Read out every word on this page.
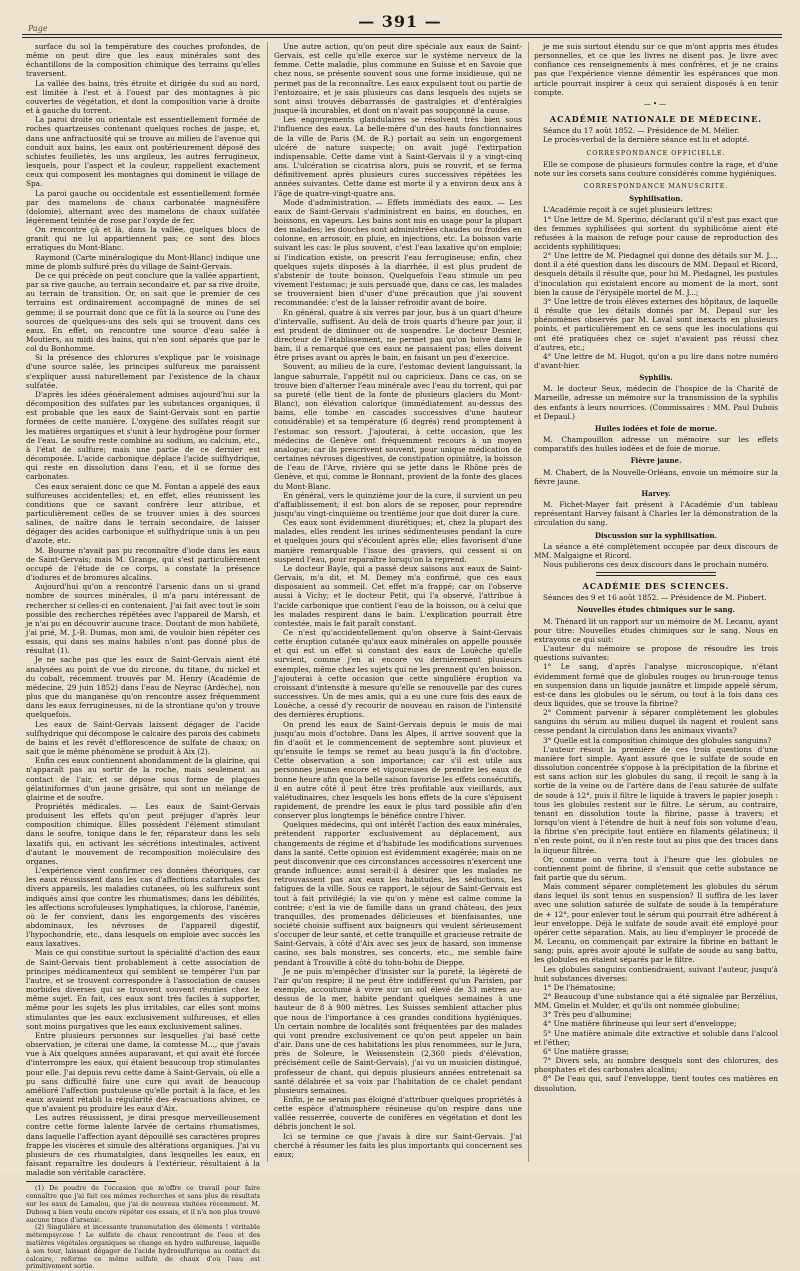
Page	— 391 —

surface du sol la température des couches profondes, de même on peut dire que les eaux minérales sont des échantillons de la composition chimique des terrains qu'elles traversent.

La vallée des bains, très étroite et dirigée du sud au nord, est limitée à l'est et à l'ouest par des montagnes à pic couvertes de végétation, et dont la composition varie à droite et à gauche du torrent.

La paroi droite ou orientale est essentiellement formée de roches quartzeuses contenant quelques roches de jaspe, et, dans une anfractuosité qui se trouve au milieu de l'avenue qui conduit aux bains, les eaux ont postérieurement déposé des schistes feuilletés, les uns argileux, les autres ferrugineux, lesquels, pour l'aspect et la couleur, rappellent exactement ceux qui composent les montagnes qui dominent le village de Spa.

La paroi gauche ou occidentale est essentiellement formée par des mamelons de chaux carbonatée magnésifère (dolomie), alternant avec des mamelons de chaux sulfatée légèrement teintée de rose par l'oxyde de fer.

On rencontre çà et là, dans la vallée, quelques blocs de granit qui ne lui appartiennent pas; ce sont des blocs erratiques du Mont-Blanc.

Raymond (Carte minéralogique du Mont-Blanc) indique une mine de plomb sulfuré près du village de Saint-Gervais.

De ce qui précède on peut conclure que la vallée appartient, par sa rive gauche, au terrain secondaire et, par sa rive droite, au terrain de transition. Or, on sait que le premier de ces terrains est ordinairement accompagné de mines de sel gemme; il se pourrait donc que ce fût là la source ou l'une des sources de quelques-uns des sels qui se trouvent dans ces eaux. En effet, on rencontre une source d'eau salée à Moutiers, au midi des bains, qui n'en sont séparés que par le col du Bonhomme.

Si la présence des chlorures s'explique par le voisinage d'une source salée, les principes sulfureux me paraissent s'expliquer aussi naturellement par l'existence de la chaux sulfatée.

D'après les idées généralement admises aujourd'hui sur la décomposition des sulfates par les substances organiques, il est probable que les eaux de Saint-Gervais sont en partie formées de cette manière. L'oxygène des sulfates réagit sur les matières organiques et s'unit à leur hydrogène pour former de l'eau. Le soufre reste combiné au sodium, au calcium, etc., à l'état de sulfure; mais une partie de ce dernier est décomposée. L'acide carbonique déplace l'acide sulfhydrique, qui reste en dissolution dans l'eau, et il se forme des carbonates.

Ces eaux seraient donc ce que M. Fontan a appelé des eaux sulfureuses accidentelles; et, en effet, elles réunissent les conditions que ce savant confrère leur attribue, et particulièrement celles de se trouver unies à des sources salines, de naître dans le terrain secondaire, de laisser dégager des acides carbonique et sulfhydrique unis à un peu d'azote, etc.

M. Bourne n'avait pas pu reconnaître d'iode dans les eaux de Saint-Gervais; mais M. Grange, qui s'est particulièrement occupé de l'étude de ce corps, a constaté la présence d'iodures et de bromures alcalins.

Aujourd'hui qu'on a rencontré l'arsenic dans un si grand nombre de sources minérales, il m'a paru intéressant de rechercher si celles-ci en contenaient. J'ai fait avec tout le soin possible des recherches répétées avec l'appareil de Marsh, et je n'ai pu en découvrir aucune trace. Doutant de mon habileté, j'ai prié, M. J.-B. Dumas, mon ami, de vouloir bien répéter ces essais, qui dans ses mains habiles n'ont pas donné plus de résultat (1).

Je ne sache pas que les eaux de Saint-Gervais aient été analysées au point de vue du zircone, du titane, du nickel et du cobalt, récemment trouvés par M. Henry (Académie de médecine, 29 juin 1852) dans l'eau de Neyrac (Ardèche), non plus que du manganèse qu'on rencontre assez fréquemment dans les eaux ferrugineuses, ni de la strontiane qu'on y trouve quelquefois.

Les eaux de Saint-Gervais laissent dégager de l'acide sulfhydrique qui décompose le calcaire des parois des cabinets de bains et les revêt d'efflorescence de sulfate de chaux; on sait que le même phénomène se produit à Aix (2).

Enfin ces eaux contiennent abondamment de la glairine, qui n'apparaît pas au sortir de la roche, mais seulement au contact de l'air, et se dépose sous forme de plaques gélatiniformes d'un jaune grisâtre, qui sont un mélange de glairine et de soufre.

Propriétés médicales. — Les eaux de Saint-Gervais produisent les effets qu'on peut préjuger d'après leur composition chimique. Elles possèdent l'élément stimulant dans le soufre, tonique dans le fer, réparateur dans les sels laxatifs qui, en activant les sécrétions intestinales, activent d'autant le mouvement de recomposition moléculaire des organes.

L'expérience vient confirmer ces données théoriques, car les eaux réussissent dans les cas d'affections catarrhales des divers appareils, les maladies cutanées, où les sulfureux sont indiqués ainsi que contre les rhumatismes; dans les débilités, les affections scrofuleuses lymphatiques, la chlorose, l'anémie, où le fer convient, dans les engorgements des viscères abdominaux, les névroses de l'appareil digestif, l'hypochondrie, etc., dans lesquels on emploie avec succès les eaux laxatives.

Mais ce qui constitue surtout la spécialité d'action des eaux de Saint-Gervais tient probablement à cette association de principes médicamenteux qui semblent se tempérer l'un par l'autre, et se trouvent correspondre à l'association de causes morbides diverses qui se trouvent souvent réunies chez le même sujet. En fait, ces eaux sont très faciles à supporter, même pour les sujets les plus irritables, car elles sont moins stimulantes que les eaux exclusivement sulfureuses, et elles sont moins purgatives que les eaux exclusivement salines.

Entre plusieurs personnes sur lesquelles j'ai basé cette observation, je citerai une dame, la comtesse M..., que j'avais vue à Aix quelques années auparavant, et qui avait été forcée d'interrompre les eaux, qui étaient beaucoup trop stimulantes pour elle. J'ai depuis revu cette dame à Saint-Gervais, où elle a pu sans difficulté faire une cure qui avait de beaucoup amélioré l'affection pustuleuse qu'elle portait à la face, et les eaux avaient rétabli la régularité des évacuations alvines, ce que n'avaient pu produire les eaux d'Aix.

Les autres réussissent, je dirai presque merveilleusement contre cette forme lalente larvée de certains rhumatismes, dans laquelle l'affection ayant dépouillé ses caractères propres frappe les viscères et simule des altérations organiques. J'ai vu plusieurs de ces rhumatalgies, dans lesquelles les eaux, en faisant reparaître les douleurs à l'extérieur, résultaient à la maladie son véritable caractère.

(1) De poudre de l'occasion que m'offre ce travail pour faire connaître que j'ai fait ces mêmes recherches et sans plus de résultats sur les eaux de Lamalou, que j'ai de nouveau visitées récemment. M. Dubosq a bien voulu encore répéter ces essais, et il n'a non plus trouvé aucune trace d'arsenic.

(2) Singulière et incessante transmutation des éléments ! véritable métempsycose ! Le sulfate de chaux rencontrant de l'eau et des matières végétales organiques se change en hydro sulfureuse, laquelle à son tour, laissant dégager de l'acide hydrosulfurique au contact du calcaire, reforme ce même sulfate de chaux d'où l'eau est primitivement sortie.

Une autre action, qu'on peut dire spéciale aux eaux de Saint-Gervais, est celle qu'elle exerce sur le système nerveux de la femme. Cette maladie, plus commune en Suisse et en Savoie que chez nous, se présente souvent sous une forme insidieuse, qui ne permet pas de la reconnaître. Les eaux expulsent tout ou partie de l'entozoaire, et je sais plusieurs cas dans lesquels des sujets se sont ainsi trouvés débarrassés de gastralgies et d'entéralgies jusque-là incurables, et dont on n'avait pas soupçonné la cause.

Les engorgements glandulaires se résolvent très bien sous l'influence des eaux. La belle-mère d'un des hauts fonctionnaires de la ville de Paris (M. de R.) portait au sein un engorgement ulcéré de nature suspecte; on avait jugé l'extirpation indispensable. Cette dame vint à Saint-Gervais il y a vingt-cinq ans. L'ulcération se cicatrisa alors, puis se rouvrit, et se ferma définitivement après plusieurs cures successives répétées les années suivantes. Cette dame est morte il y a environ deux ans à l'âge de quatre-vingt-quatre ans.

Mode d'administration. — Effets immédiats des eaux. — Les eaux de Saint-Gervais s'administrent en bains, en douches, en boissons, en vapeurs. Les bains sont mis en usage pour la plupart des malades; les douches sont administrées chaudes ou froides en colonne, en arrosoir, en pluie, en injections, etc. La boisson varie suivant les cas: le plus souvent, c'est l'eau laxative qu'on emploie; si l'indication existe, on prescrit l'eau ferrugineuse; enfin, chez quelques sujets disposés à la diarrhée, il est plus prudent de s'abstenir de toute boisson. Quelquefois l'eau stimule un peu vivement l'estomac; je suis persuadé que, dans ce cas, les malades se trouveraient bien d'user d'une précaution que j'ai souvent recommandée: c'est de la laisser refroidir avant de boire.

En général, quatre à six verres par jour, bus à un quart d'heure d'intervalle, suffisent. Au delà de trois quarts d'heure par jour, il est prudent de diminuer ou de suspendre. Le docteur Desnier, directeur de l'établissement, ne permet pas qu'on boive dans le bain, il a remarqué que ces eaux ne passaient pas; elles doivent être prises avant ou après le bain, en faisant un peu d'exercice.

Souvent, au milieu de la cure, l'estomac devient languissant, la langue saburrale, l'appétit nul ou capricieux. Dans ce cas, on se trouve bien d'alterner l'eau minérale avec l'eau du torrent, qui par sa pureté (elle tient de la fonte de plusieurs glaciers du Mont-Blanc), son élévation calorique (immédiatement au-dessus des bains, elle tombe en cascades successives d'une hauteur considérable) et sa température (6 degrés) rend promptement à l'estomac son ressort. J'ajouterai, à cette occasion, que les médecins de Genève ont fréquemment recours à un moyen analogue; car ils prescrivent souvent, pour unique médication de certaines névroses digestives, de constipation opiniâtre, la boisson de l'eau de l'Arve, rivière qui se jette dans le Rhône près de Genève, et qui, comme le Bonnant, provient de la fonte des glaces du Mont-Blanc.

En général, vers le quinzième jour de la cure, il survient un peu d'affaiblissement; il est bon alors de se reposer, pour reprendre jusqu'au vingt-cinquième ou trentième jour que doit durer la cure.

Ces eaux sont évidemment diurétiques; et, chez la plupart des malades, elles rendent les urines sédimenteuses pendant la cure et quelques jours qui s'écoulent après elle; elles favorisent d'une manière remarquable l'issue des graviers, qui cessent si on suspend l'eau, pour reparaître lorsqu'on la reprend.

Le docteur Bayle, qui a passé deux saisons aux eaux de Saint-Gervais, m'a dit, et M. Demey m'a confirmé, que ces eaux disposaient au sommeil. Cet effet m'a frappé; car on l'observe aussi à Vichy; et le docteur Petit, qui l'a observé, l'attribue à l'acide carbonique que contient l'eau de la boisson, ou à celui que les malades respirent dans le bain. L'explication pourrait être contestée, mais le fait paraît constant.

Ce n'est qu'accidentellement qu'on observe à Saint-Gervais cette éruption cutanée qu'aux eaux minérales on appelle poussée et qui est un effet si constant des eaux de Louèche qu'elle survient, comme j'en ai encore vu dernièrement plusieurs exemples, même chez les sujets qui ne les prennent qu'en boisson. J'ajouterai à cette occasion que cette singulière éruption va croissant d'intensité à mesure qu'elle se renouvelle par des cures successives. Un de mes amis, qui a eu une cure fois des eaux de Louèche, a cessé d'y recourir de nouveau en raison de l'intensité des dernières éruptions.

On prend les eaux de Saint-Gervais depuis le mois de mai jusqu'au mois d'octobre. Dans les Alpes, il arrive souvent que la fin d'août et le commencement de septembre sont pluvieux et qu'ensuite le temps se remet au beau jusqu'à la fin d'octobre. Cette observation a son importance; car s'il est utile aux personnes jeunes encore et vigoureuses de prendre les eaux de bonne heure afin que la belle saison favorise les effets consécutifs, il en autre côté il peut être très profitable aux vieillards, aux valétudinaires, chez lesquels les bons effets de la cure s'épuisent rapidement, de prendre les eaux le plus tard possible afin d'en conserver plus longtemps le bénéfice contre l'hiver.

Quelques médecins, qui ont intérêt l'action des eaux minérales, prétendent rapporter exclusivement au déplacement, aux changements de régime et d'habitude les modifications survenues dans la santé. Cette opinion est évidemment exagérée; mais on ne peut disconvenir que ces circonstances accessoires n'exercent une grande influence: aussi serait-il à désirer que les malades ne retrouvassent pas aux eaux les habitudes, les séductions, les fatigues de la ville. Sous ce rapport, le séjour de Saint-Gervais est tout à fait privilégié; la vie qu'on y mène est calme comme la contrée; c'est la vie de famille dans un grand château, des jeux tranquilles, des promenades délicieuses et bienfaisantes, une société choisie suffisent aux baigneurs qui veulent sérieusement s'occuper de leur santé, et cette tranquille et gracieuse retraite de Saint-Gervais, à côté d'Aix avec ses jeux de hasard, son immense casino, ses bals monstres, ses concerts, etc., me semble faire pendant à Trouville à côté du tohu-bohu de Dieppe.

Je ne puis m'empêcher d'insister sur la pureté, la légèreté de l'air qu'on respire; il ne peut être indifférent qu'un Parisien, par exemple, accoutumé à vivre sur un sol élevé de 33 mètres au-dessus de la mer, habite pendant quelques semaines à une hauteur de 8 à 900 mètres. Les Suisses semblent attacher plus que nous de l'importance à ces grandes conditions hygiéniques. Un certain nombre de localités sont fréquentées par des malades qui vont prendre exclusivement ce qu'on peut appeler un bain d'air. Dans une de ces habitations les plus renommées, sur le Jura, près de Soleure, le Weissenstein (2,360 pieds d'élévation, précisément celle de Saint-Gervais), j'ai vu un musicien distingué, professeur de chant, qui depuis plusieurs années entretenait sa santé délabrée et sa voix par l'habitation de ce chalet pendant plusieurs semaines.

Enfin, je ne serais pas éloigné d'attribuer quelques propriétés à cette espèce d'atmosphère résineuse qu'on respire dans une vallée resserrée, couverte de conifères en végétation et dont les débris jonchent le sol.

Ici se termine ce que j'avais à dire sur Saint-Gervais. J'ai cherché à résumer les faits les plus importants qui concernent ses eaux;

je me suis surtout étendu sur ce que m'ont appris mes études personnelles, et ce que les livres ne disent pas. Je livre avec confiance ces renseignements à mes confrères, et je ne crains pas que l'expérience vienne démentir les espérances que mon article pourrait inspirer à ceux qui seraient disposés à en tenir compte.

—•—
ACADÉMIE NATIONALE DE MÉDECINE.

Séance du 17 août 1852. — Présidence de M. Mélier.

Le procès-verbal de la dernière séance est lu et adopté.

CORRESPONDANCE OFFICIELLE.

Elle se compose de plusieurs formules contre la rage, et d'une note sur les corsets sans couture considérés comme hygiéniques.

CORRESPONDANCE MANUSCRITE.
Syphilisation.

L'Académie reçoit à ce sujet plusieurs lettres:

1° Une lettre de M. Sperino, déclarant qu'il n'est pas exact que des femmes syphilisées qui sortent du syphilicôme aient été refusées à la maison de refuge pour cause de reproduction des accidents syphilitiques;

2° Une lettre de M. Piedagnel qui donne des détails sur M. J..., dont il a été question dans les discours de MM. Depaul et Ricord, desquels détails il résulte que, pour lui M. Piedagnel, les pustules d'inoculation qui existaient encore au moment de la mort, sont bien la cause de l'érysipèle mortel de M. J...;

3° Une lettre de trois élèves externes des hôpitaux, de laquelle il résulte que les détails donnés par M. Depaul sur les phénomènes observés par M. Laval sont inexacts en plusieurs points, et particulièrement en ce sens que les inoculations qui ont été pratiquées chez ce sujet n'avaient pas réussi chez d'autres, etc.;

4° Une lettre de M. Hugot, qu'on a pu lire dans notre numéro d'avant-hier.

Syphilis.

M. le docteur Seux, médecin de l'hospice de la Charité de Marseille, adresse un mémoire sur la transmission de la syphilis des enfants à leurs nourrices. (Commissaires : MM. Paul Dubois et Depaul.)

Huiles iodées et foie de morue.

M. Champouillon adresse un mémoire sur les effets comparatifs des huiles iodées et de foie de morue.

Fièvre jaune.

M. Chabert, de la Nouvelle-Orléans, envoie un mémoire sur la fièvre jaune.

Harvey.

M. Fichet-Mayer fait présent à l'Académie d'un tableau représentant Harvey faisant à Charles Ier la démonstration de la circulation du sang.

Discussion sur la syphilisation.

La séance a été complètement occupée par deux discours de MM. Malgaigne et Ricord.

Nous publierons ces deux discours dans le prochain numéro.

ACADÉMIE DES SCIENCES.

Séances des 9 et 16 août 1852. — Présidence de M. Piobert.

Nouvelles études chimiques sur le sang.

M. Thénard lit un rapport sur un mémoire de M. Lecanu, ayant pour titre: Nouvelles études chimiques sur le sang. Nous en extrayons ce qui suit:

L'auteur du mémoire se propose de résoudre les trois questions suivantes:

1° Le sang, d'après l'analyse microscopique, n'étant évidemment formé que de globules rouges ou brun-rouge tenus en suspension dans un liquide jaunâtre et limpide appelé sérum, est-ce dans les globules ou le sérum, ou tout à la fois dans ces deux liquides, que se trouve la fibrine?

2° Comment parvenir à séparer complètement les globules sanguins du sérum au milieu duquel ils nagent et roulent sans cesse pendant la circulation dans les animaux vivants?

3° Quelle est la composition chimique des globules sanguins?

L'auteur résout la première de ces trois questions d'une manière fort simple. Ayant assuré que le sulfate de soude en dissolution concentrée s'oppose à la précipitation de la fibrine et est sans action sur les globules du sang, il reçoit le sang à la sortie de la veine ou de l'artère dans de l'eau saturée de sulfate de soude à 12°, puis il filtre le liquide à travers le papier joseph : tous les globules restent sur le filtre. Le sérum, au contraire, tenant en dissolution toute la fibrine, passe à travers; et lorsqu'on vient à l'étendre de huit à neuf fois son volume d'eau, la fibrine s'en précipite tout entière en filaments gélatineux; il n'en reste point, ou il n'en reste tout au plus que des traces dans la liqueur filtrée.

Or, comme on verra tout à l'heure que les globules ne contiennent point de fibrine, il s'ensuit que cette substance ne fait partie que du sérum.

Mais comment séparer complètement les globules du sérum dans lequel ils sont tenus en suspension? Il suffira de les laver avec une solution saturée de sulfate de soude à la température de + 12°, pour enlever tout le sérum qui pourrait être adhérent à leur enveloppe. Déjà le sulfate de soude avait été employé pour opérer cette séparation. Mais, au lieu d'employer le procédé de M. Lecanu, on commençait par extraire la fibrine en battant le sang; puis, après avoir ajouté le sulfate de soude au sang battu, les globules en étaient séparés par le filtre.

Les globules sanguins contiendraient, suivant l'auteur, jusqu'à huit substances diverses:

1° De l'hématosine;

2° Beaucoup d'une substance qui a été signalée par Berzélius, MM. Gmelin et Mulder, et qu'ils ont nommée globuline;

3° Très peu d'albumine;

4° Une matière fibrineuse qui leur sert d'enveloppe;

5° Une matière animale dite extractive et soluble dans l'alcool et l'éther;

6° Une matière grasse;

7° Divers sels, au nombre desquels sont des chlorures, des phosphates et des carbonates alcalins;

8° De l'eau qui, sauf l'enveloppe, tient toutes ces matières en dissolution.
